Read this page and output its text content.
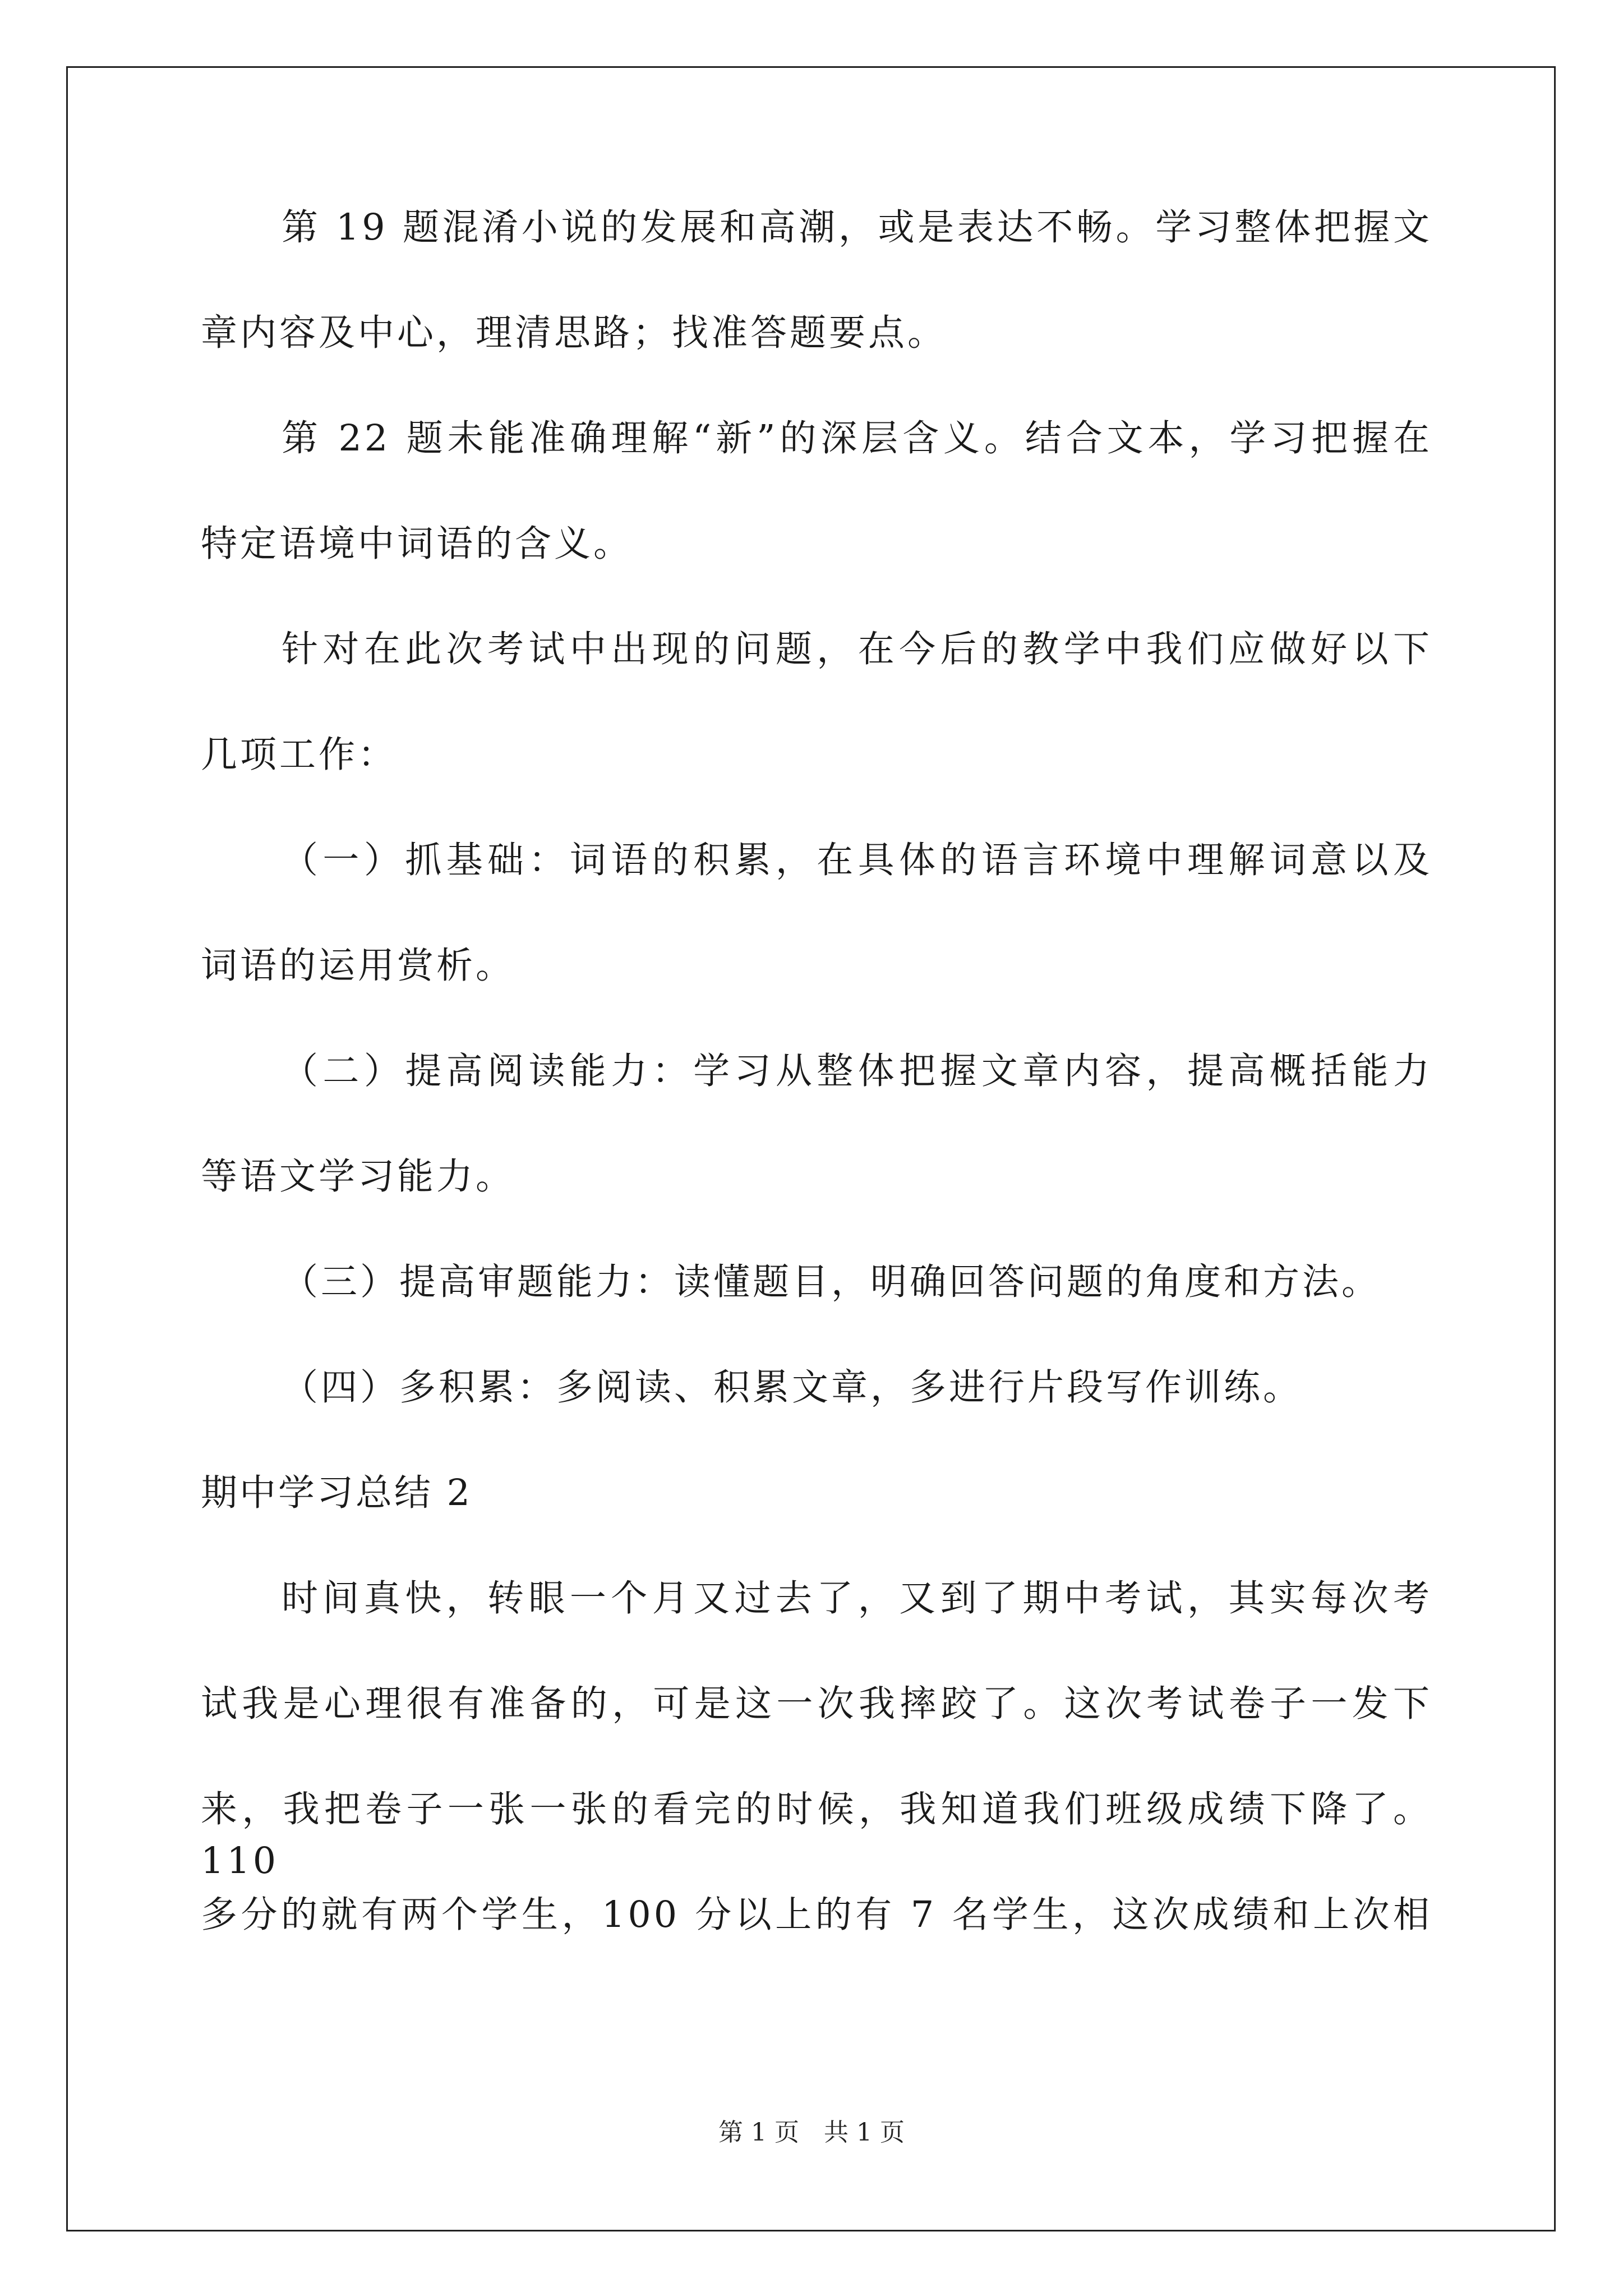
第 19 题混淆小说的发展和高潮，或是表达不畅。学习整体把握文
章内容及中心，理清思路；找准答题要点。
第 22 题未能准确理解“新”的深层含义。结合文本，学习把握在
特定语境中词语的含义。
针对在此次考试中出现的问题，在今后的教学中我们应做好以下
几项工作：
（一）抓基础：词语的积累，在具体的语言环境中理解词意以及
词语的运用赏析。
（二）提高阅读能力：学习从整体把握文章内容，提高概括能力
等语文学习能力。
（三）提高审题能力：读懂题目，明确回答问题的角度和方法。
（四）多积累：多阅读、积累文章，多进行片段写作训练。
期中学习总结 2
时间真快，转眼一个月又过去了，又到了期中考试，其实每次考
试我是心理很有准备的，可是这一次我摔跤了。这次考试卷子一发下
来，我把卷子一张一张的看完的时候，我知道我们班级成绩下降了。110
多分的就有两个学生，100 分以上的有 7 名学生，这次成绩和上次相
第 1 页　共 1 页
